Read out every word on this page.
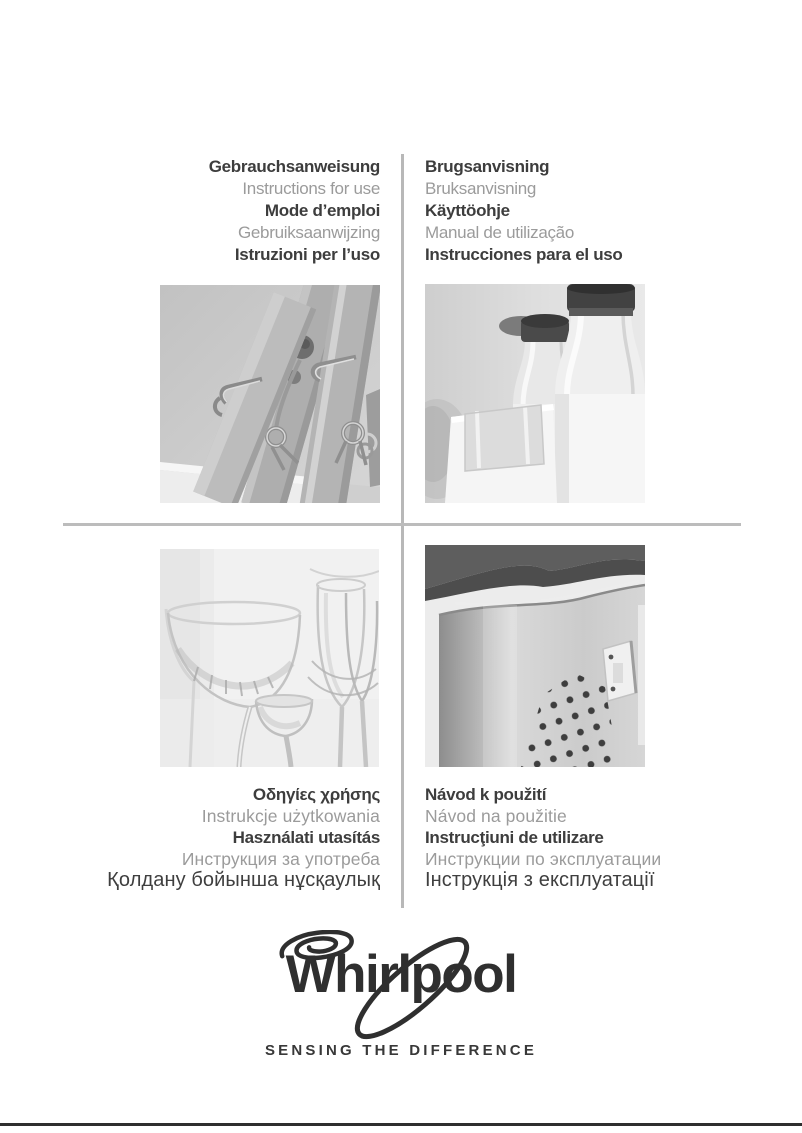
Gebrauchsanweisung
Instructions for use
Mode d’emploi
Gebruiksaanwijzing
Istruzioni per l’uso
Brugsanvisning
Bruksanvisning
Käyttöohje
Manual de utilização
Instrucciones para el uso
Οδηγίες χρήσης
Instrukcje użytkowania
Használati utasítás
Инструкция за употреба
Қолдану бойынша нұсқаулық
Návod k použití
Návod na použitie
Instrucţiuni de utilizare
Инструкции по эксплуатации
Інструкція з експлуатації
Whirlpool
SENSING THE DIFFERENCE
